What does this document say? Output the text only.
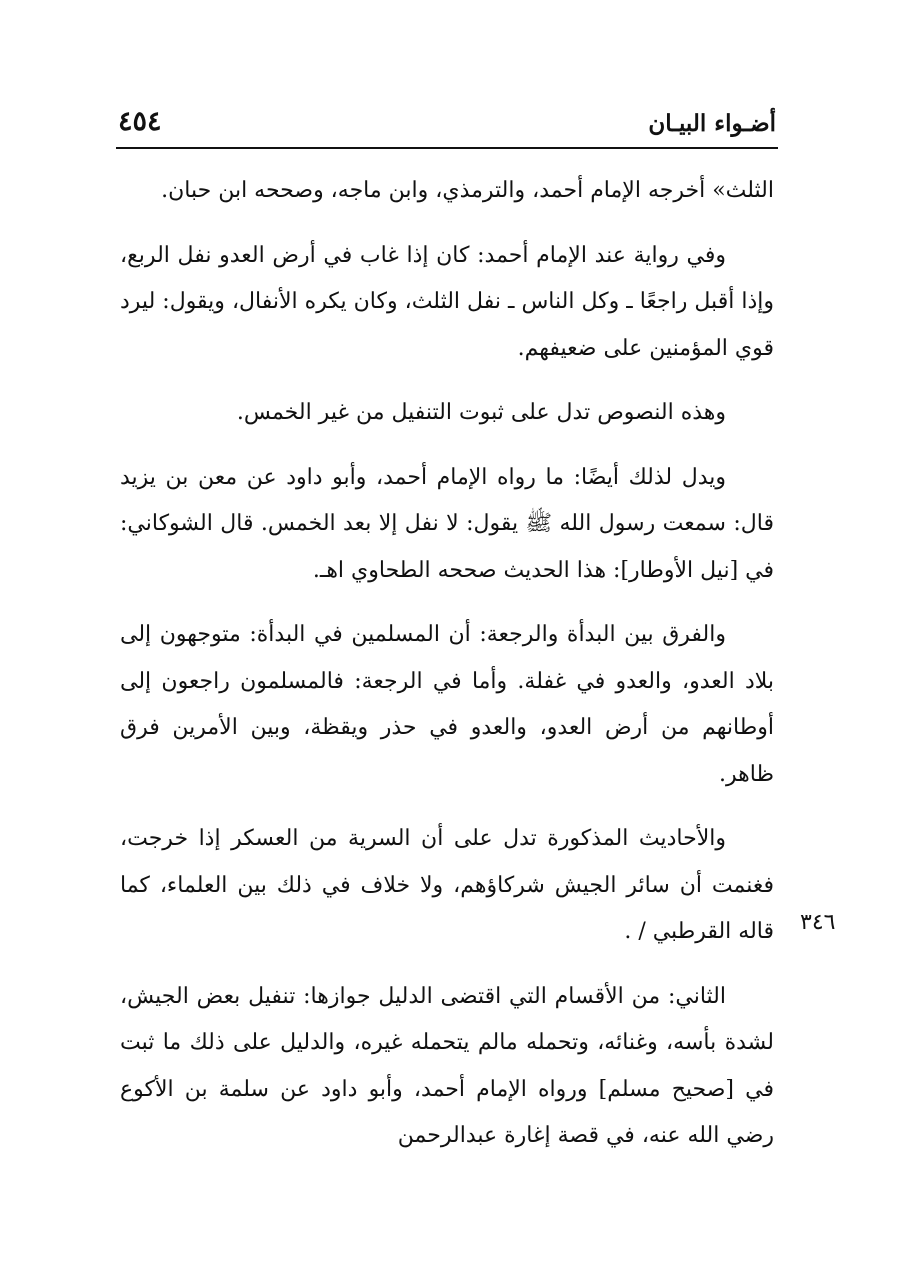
أضـواء البيـان
٤٥٤

الثلث» أخرجه الإمام أحمد، والترمذي، وابن ماجه، وصححه ابن حبان.

وفي رواية عند الإمام أحمد: كان إذا غاب في أرض العدو نفل الربع، وإذا أقبل راجعًا ـ وكل الناس ـ نفل الثلث، وكان يكره الأنفال، ويقول: ليرد قوي المؤمنين على ضعيفهم.

وهذه النصوص تدل على ثبوت التنفيل من غير الخمس.

ويدل لذلك أيضًا: ما رواه الإمام أحمد، وأبو داود عن معن بن يزيد قال: سمعت رسول الله ﷺ يقول: لا نفل إلا بعد الخمس. قال الشوكاني: في [نيل الأوطار]: هذا الحديث صححه الطحاوي اهـ.

والفرق بين البدأة والرجعة: أن المسلمين في البدأة: متوجهون إلى بلاد العدو، والعدو في غفلة. وأما في الرجعة: فالمسلمون راجعون إلى أوطانهم من أرض العدو، والعدو في حذر ويقظة، وبين الأمرين فرق ظاهر.

والأحاديث المذكورة تدل على أن السرية من العسكر إذا خرجت، فغنمت أن سائر الجيش شركاؤهم، ولا خلاف في ذلك بين العلماء، كما قاله القرطبي / .

الثاني: من الأقسام التي اقتضى الدليل جوازها: تنفيل بعض الجيش، لشدة بأسه، وغنائه، وتحمله مالم يتحمله غيره، والدليل على ذلك ما ثبت في [صحيح مسلم] ورواه الإمام أحمد، وأبو داود عن سلمة بن الأكوع رضي الله عنه، في قصة إغارة عبدالرحمن

٣٤٦
